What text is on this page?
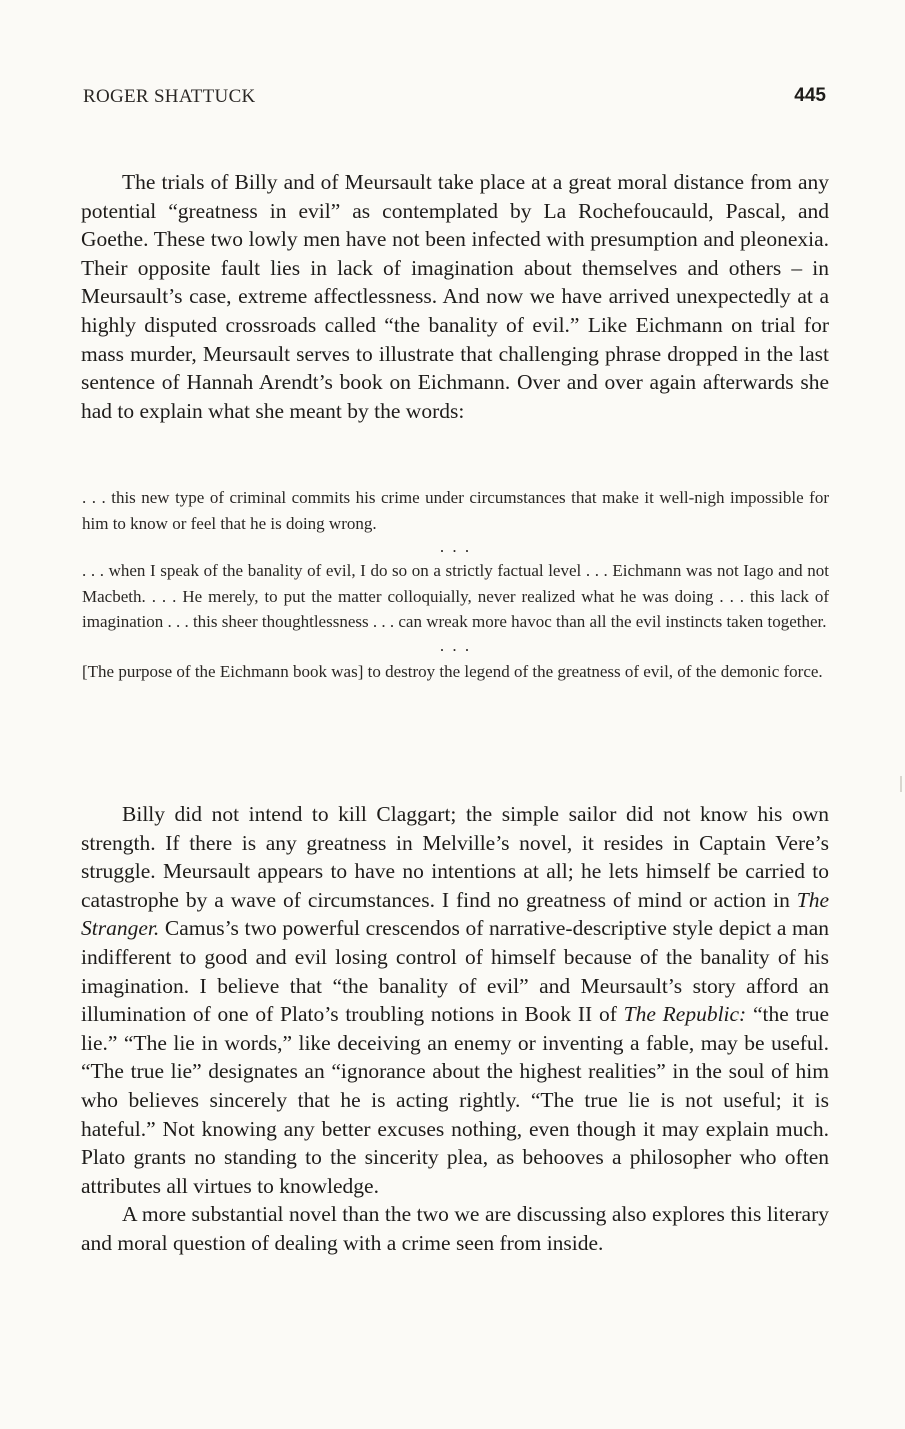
ROGER SHATTUCK	445

The trials of Billy and of Meursault take place at a great moral distance from any potential “greatness in evil” as contemplated by La Rochefoucauld, Pascal, and Goethe. These two lowly men have not been infected with presumption and pleonexia. Their opposite fault lies in lack of imagination about themselves and others – in Meursault’s case, extreme affectlessness. And now we have arrived unexpectedly at a highly disputed crossroads called “the banality of evil.” Like Eichmann on trial for mass murder, Meursault serves to illustrate that challenging phrase dropped in the last sentence of Hannah Arendt’s book on Eichmann. Over and over again afterwards she had to explain what she meant by the words:

. . . this new type of criminal commits his crime under circumstances that make it well-nigh impossible for him to know or feel that he is doing wrong.

. . .

. . . when I speak of the banality of evil, I do so on a strictly factual level . . . Eichmann was not Iago and not Macbeth. . . . He merely, to put the matter colloquially, never realized what he was doing . . . this lack of imagination . . . this sheer thoughtlessness . . . can wreak more havoc than all the evil instincts taken together.

. . .

[The purpose of the Eichmann book was] to destroy the legend of the greatness of evil, of the demonic force.

Billy did not intend to kill Claggart; the simple sailor did not know his own strength. If there is any greatness in Melville’s novel, it resides in Captain Vere’s struggle. Meursault appears to have no intentions at all; he lets himself be carried to catastrophe by a wave of circumstances. I find no greatness of mind or action in The Stranger. Camus’s two powerful crescendos of narrative-descriptive style depict a man indifferent to good and evil losing control of himself because of the banality of his imagination. I believe that “the banality of evil” and Meursault’s story afford an illumination of one of Plato’s troubling notions in Book II of The Republic: “the true lie.” “The lie in words,” like deceiving an enemy or inventing a fable, may be useful. “The true lie” designates an “ignorance about the highest realities” in the soul of him who believes sincerely that he is acting rightly. “The true lie is not useful; it is hateful.” Not knowing any better excuses nothing, even though it may explain much. Plato grants no standing to the sincerity plea, as behooves a philosopher who often attributes all virtues to knowledge.

A more substantial novel than the two we are discussing also explores this literary and moral question of dealing with a crime seen from inside.
